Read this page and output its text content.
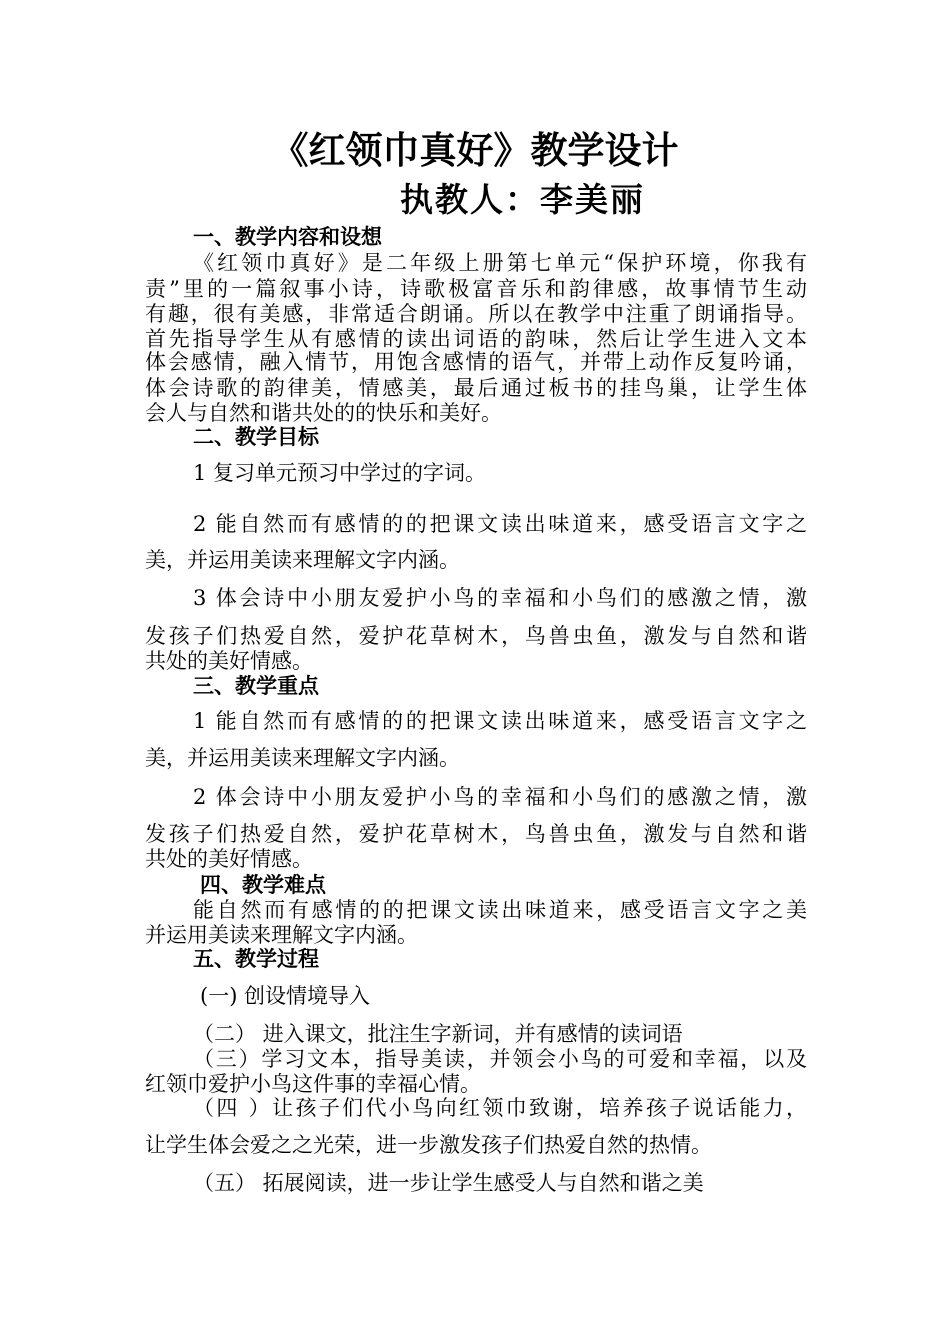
《红领巾真好》教学设计
执教人：李美丽
一、教学内容和设想
《红领巾真好》是二年级上册第七单元“保护环境，你我有
责”里的一篇叙事小诗，诗歌极富音乐和韵律感，故事情节生动
有趣，很有美感，非常适合朗诵。所以在教学中注重了朗诵指导。
首先指导学生从有感情的读出词语的韵味，然后让学生进入文本
体会感情，融入情节，用饱含感情的语气，并带上动作反复吟诵，
体会诗歌的韵律美，情感美，最后通过板书的挂鸟巢，让学生体
会人与自然和谐共处的的快乐和美好。
二、教学目标
1 复习单元预习中学过的字词。
2 能自然而有感情的的把课文读出味道来，感受语言文字之
美，并运用美读来理解文字内涵。
3 体会诗中小朋友爱护小鸟的幸福和小鸟们的感激之情，激
发孩子们热爱自然，爱护花草树木，鸟兽虫鱼，激发与自然和谐
共处的美好情感。
三、教学重点
1 能自然而有感情的的把课文读出味道来，感受语言文字之
美，并运用美读来理解文字内涵。
2 体会诗中小朋友爱护小鸟的幸福和小鸟们的感激之情，激
发孩子们热爱自然，爱护花草树木，鸟兽虫鱼，激发与自然和谐
共处的美好情感。
四、教学难点
能自然而有感情的的把课文读出味道来，感受语言文字之美
并运用美读来理解文字内涵。
五、教学过程
(一) 创设情境导入
（二） 进入课文，批注生字新词，并有感情的读词语
（三）学习文本，指导美读，并领会小鸟的可爱和幸福，以及
红领巾爱护小鸟这件事的幸福心情。
（四 ）让孩子们代小鸟向红领巾致谢，培养孩子说话能力，
让学生体会爱之之光荣，进一步激发孩子们热爱自然的热情。
（五） 拓展阅读，进一步让学生感受人与自然和谐之美
